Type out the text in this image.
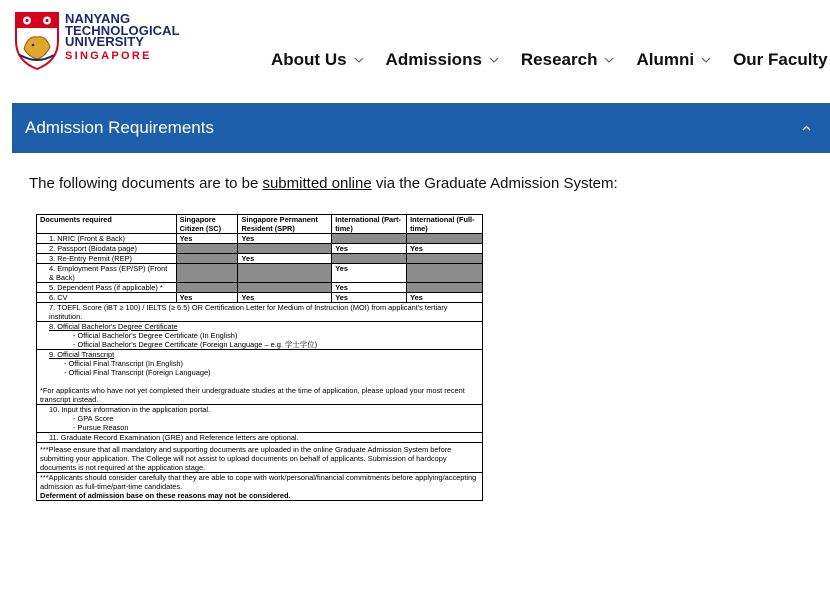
NANYANG
TECHNOLOGICAL
UNIVERSITY
SINGAPORE	About Us Admissions Research Alumni Our Faculty
Admission Requirements
The following documents are to be submitted online via the Graduate Admission System:
Documents required	Singapore Citizen (SC)	Singapore Permanent Resident (SPR)	International (Part-time)	International (Full-time)
1. NRIC (Front & Back)	Yes	Yes		
2. Passport (Biodata page)			Yes	Yes
3. Re-Entry Permit (REP)		Yes		
4. Employment Pass (EP/SP) (Front & Back)			Yes	
5. Dependent Pass (if applicable) *			Yes	
6. CV	Yes	Yes	Yes	Yes
7. TOEFL Score (iBT ≥ 100) / IELTS (≥ 6.5) OR Certification Letter for Medium of Instruction (MOI) from applicant's tertiary institution.				

8. Official Bachelor's Degree Certificate
- Official Bachelor's Degree Certificate (In English)
- Official Bachelor's Degree Certificate (Foreign Language – e.g. 学士学位)				

9. Official Transcript
- Official Final Transcript (In English)
- Official Final Transcript (Foreign Language)
*For applicants who have not yet completed their undergraduate studies at the time of application, please upload your most recent transcript instead.				

10. Input this information in the application portal.
- GPA Score
- Pursue Reason				

11. Graduate Record Examination (GRE) and Reference letters are optional.				
***Please ensure that all mandatory and supporting documents are uploaded in the online Graduate Admission System before submitting your application. The College will not assist to upload documents on behalf of applicants. Submission of hardcopy documents is not required at the application stage.				

***Applicants should consider carefully that they are able to cope with work/personal/financial commitments before applying/accepting admission as full-time/part-time candidates.
Deferment of admission base on these reasons may not be considered.				
